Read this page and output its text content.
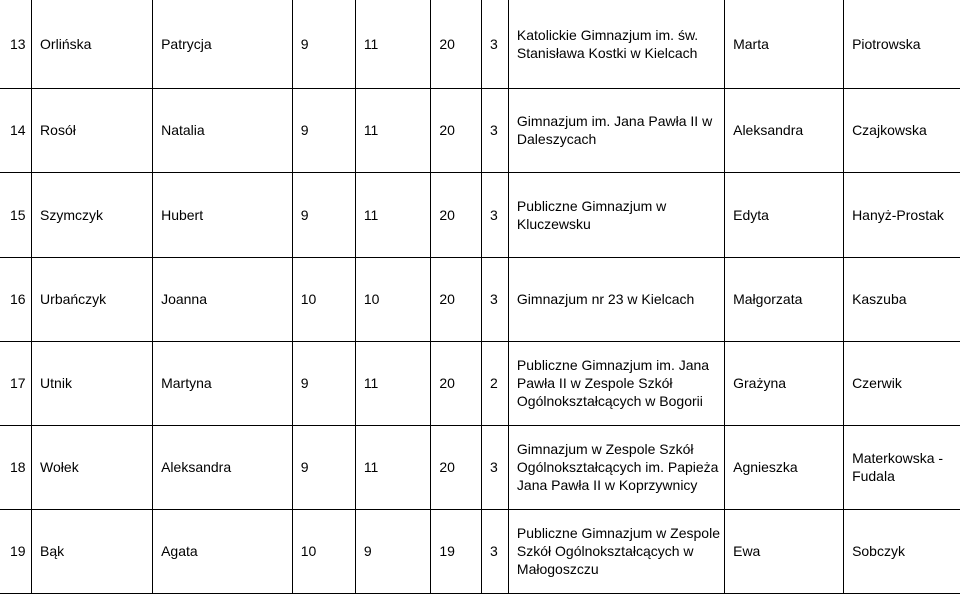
13	Orlińska	Patrycja	9	11	20	3	Katolickie Gimnazjum im. św. Stanisława Kostki w Kielcach	Marta	Piotrowska
14	Rosół	Natalia	9	11	20	3	Gimnazjum im. Jana Pawła II w Daleszycach	Aleksandra	Czajkowska
15	Szymczyk	Hubert	9	11	20	3	Publiczne Gimnazjum w Kluczewsku	Edyta	Hanyż-Prostak
16	Urbańczyk	Joanna	10	10	20	3	Gimnazjum nr 23 w Kielcach	Małgorzata	Kaszuba
17	Utnik	Martyna	9	11	20	2	Publiczne Gimnazjum im. Jana Pawła II w Zespole Szkół Ogólnokształcących w Bogorii	Grażyna	Czerwik
18	Wołek	Aleksandra	9	11	20	3	Gimnazjum w Zespole Szkół Ogólnokształcących im. Papieża Jana Pawła II w Koprzywnicy	Agnieszka	Materkowska - Fudala
19	Bąk	Agata	10	9	19	3	Publiczne Gimnazjum w Zespole Szkół Ogólnokształcących w Małogoszczu	Ewa	Sobczyk
